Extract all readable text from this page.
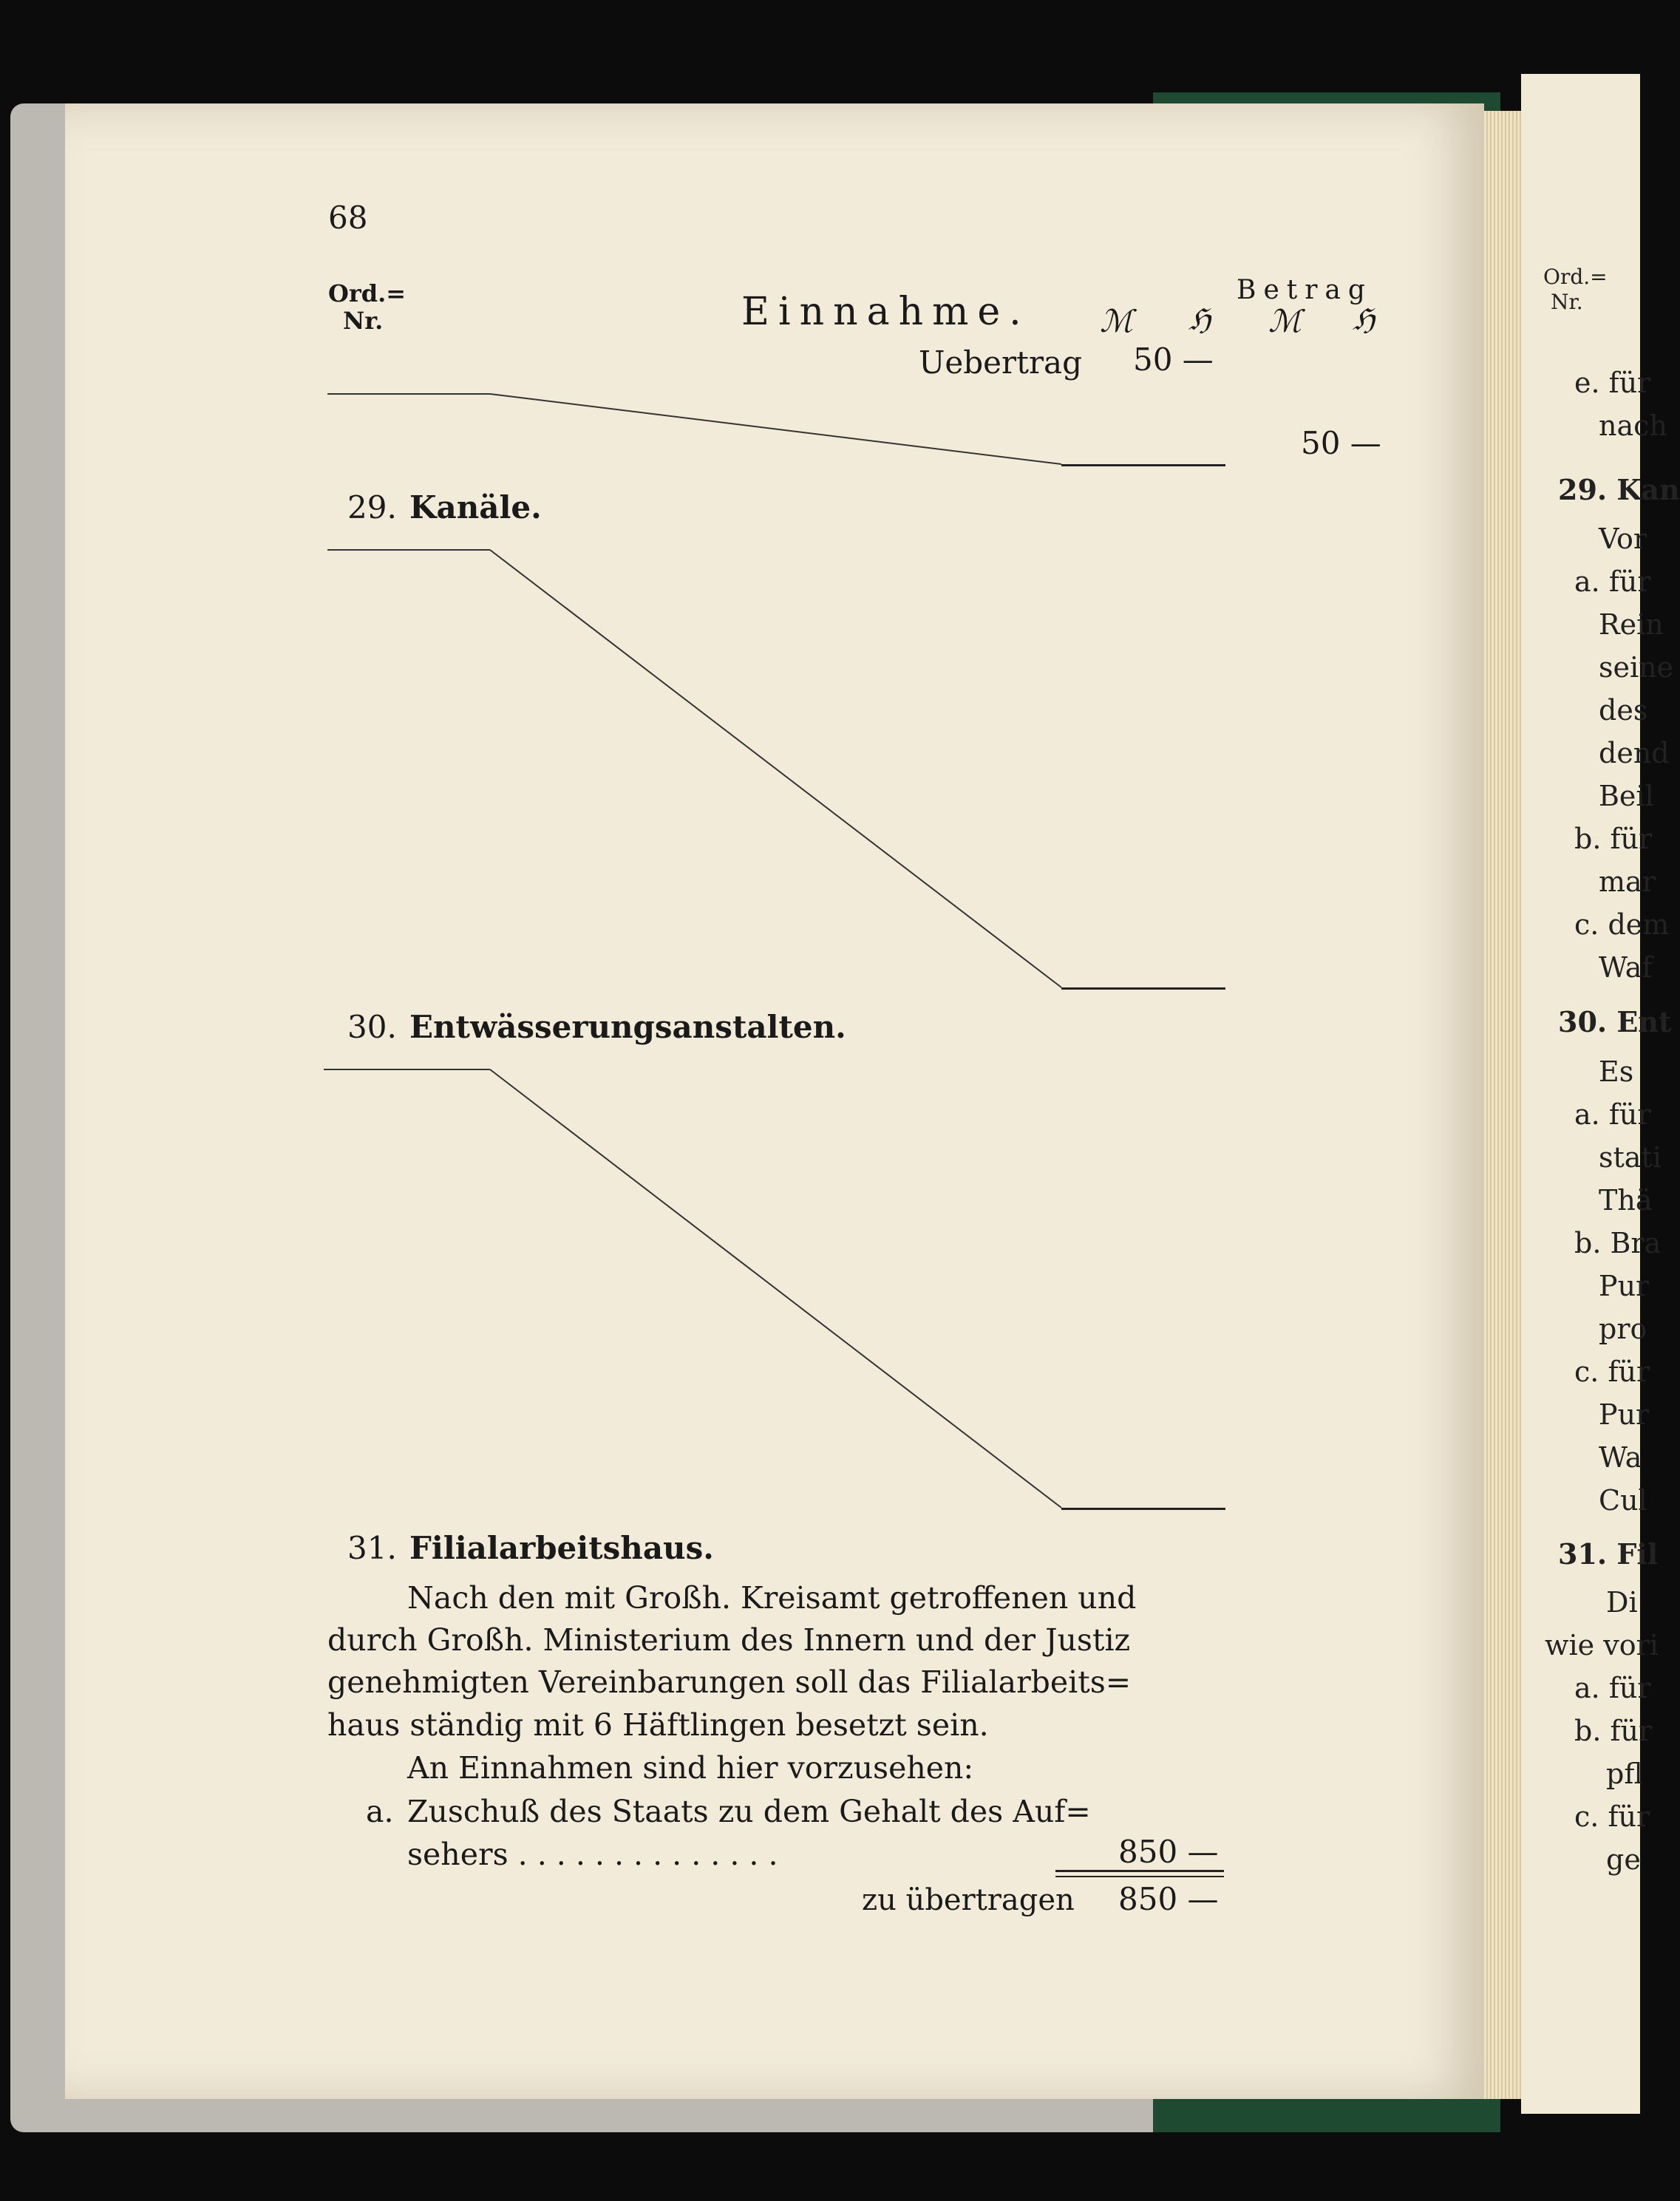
68
Ord.=
Nr.	Einnahme.	Betrag
ℳ ℌ ℳ ℌ
Uebertrag 50 —
50 —
29. Kanäle.
30. Entwässerungsanstalten.
31. Filialarbeitshaus.
Nach den mit Großh. Kreisamt getroffenen und
durch Großh. Ministerium des Innern und der Justiz
genehmigten Vereinbarungen soll das Filialarbeits=
haus ständig mit 6 Häftlingen besetzt sein.
An Einnahmen sind hier vorzusehen:
a. Zuschuß des Staats zu dem Gehalt des Auf=
sehers . . . . . . . . . . . . . .	850 —
zu übertragen 850 —
Ord.=
Nr.
e. für
nach
29. Kan
Vor
a. für
Rein
seine
des
dend
Beil
b. für
mar
c. dem
Waf
30. Ent
Es
a. für
stati
Thä
b. Bra
Pur
pro
c. für
Pur
Wa
Cul
31. Fil
Di
wie vori
a. für
b. für
pfl
c. für
ge
